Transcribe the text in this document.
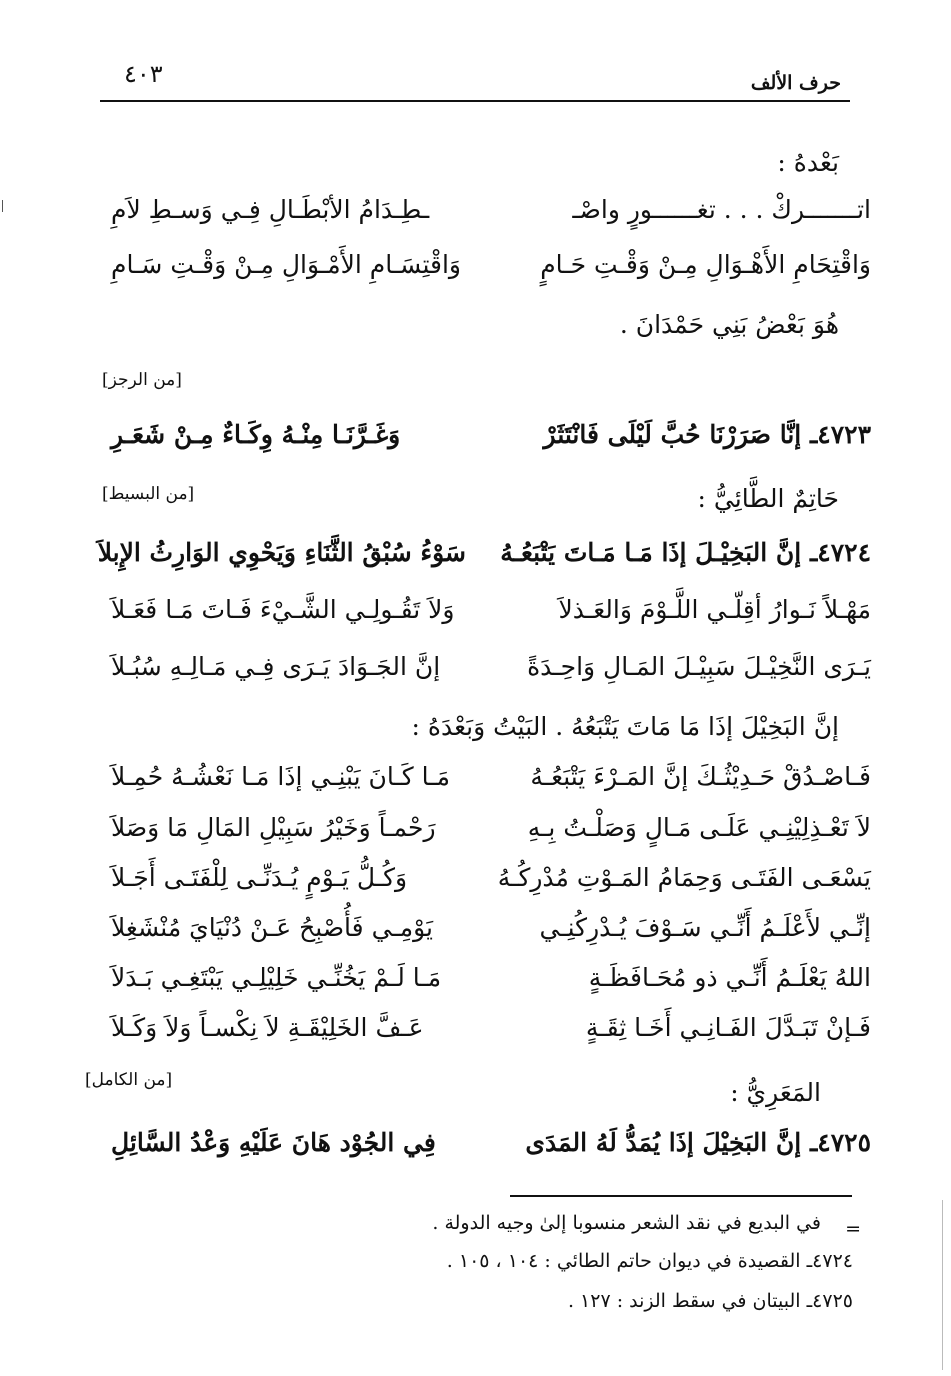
حرف الألف
٤٠٣
بَعْدهُ :
اتـــــــركْ . . . تغــــــورٍ واصْـ
ـطِـدَامُ الأبْطَـالِ فِـي وَسـطِ لاَمِ
وَاقْتِحَامِ الأَهْـوَالِ مِـنْ وَقْـتِ حَـامٍ
وَاقْتِسَـامِ الأَمْـوَالِ مِـنْ وَقْـتِ سَـامِ
هُوَ بَعْضُ بَنِي حَمْدَانَ .
[من الرجز]
٤٧٢٣ـ إنَّا صَرَرْنَا حُبَّ لَيْلَى فَانْتَثَرْ
وَغَـرَّنَـا مِنْـهُ وِكَـاءٌ مِـنْ شَعَـرِ
حَاتِمٌ الطَّائِيُّ :
[من البسيط]
٤٧٢٤ـ إنَّ البَخِيْـلَ إذَا مَـا مَـاتَ يَتْبَعُـهُ
سَوْءُ سُبْقُ الثَّنَاءِ وَيَحْوِي الوَارِثُ الإِبلاَ
مَهْـلاً نَـوارُ أقِلّـي اللَّـوْمَ وَالعَـذلاَ
وَلاَ تَقُـولِـي الشَّـيْءَ فَـاتَ مَـا فَعَـلاَ
يَـرَى النَّخِيْـلَ سَبِيْـلَ المَـالِ وَاحِـدَةً
إنَّ الجَـوَادَ يَـرَى فِـي مَـالِـهِ سُبُـلاَ
إنَّ البَخِيْلَ إذَا مَا مَاتَ يَتْبَعُهُ . البَيْتُ وَبَعْدَهُ :
فَـاصْـدُقْ حَـدِيْثُـكَ إنَّ المَـرْءَ يَتْبَعُـهُ
مَـا كَـانَ يَبْنِـي إذَا مَـا نَعْشُـهُ حُمِـلاَ
لاَ تَعْـذِلِيْنِـي عَلَـى مَـالٍ وَصَلْـتُ بِـهِ
رَحْمـاً وَخَيْرُ سَبِيْلِ المَالِ مَا وَصَلاَ
يَسْعَـى الفَتَـى وَحِمَامُ المَـوْتِ مُدْرِكُـهُ
وَكُـلُّ يَـوْمٍ يُـدَنِّـى لِلْفَتَـى أَجَـلاَ
إنِّـي لأَعْلَـمُ أَنِّـي سَـوْفَ يُـدْرِكُنِـي
يَوْمِـي فَأُصْبِحُ عَـنْ دُنْيَايَ مُنْشَغِلاَ
اللهُ يَعْلَـمُ أَنِّـي ذو مُحَـافَظَـةٍ
مَـا لَـمْ يَخُنِّـي خَلِيْلِـي يَبْتَغِـي بَـدَلاَ
فَـإنْ تَبَـدَّلَ الفَـانِـي أَخَـا ثِقَـةٍ
عَـفَّ الخَلِيْقَـةِ لاَ نِكْسـاً وَلاَ وَكَـلاَ
المَعَرِيُّ :
[من الكامل]
٤٧٢٥ـ إنَّ البَخِيْلَ إذَا يُمَدُّ لَهُ المَدَى
فِي الجُوْد هَانَ عَلَيْهِ وَعْدُ السَّائِلِ
=
في البديع في نقد الشعر منسوبا إلىٰ وجيه الدولة .
٤٧٢٤ـ القصيدة في ديوان حاتم الطائي : ١٠٤ ، ١٠٥ .
٤٧٢٥ـ البيتان في سقط الزند : ١٢٧ .
